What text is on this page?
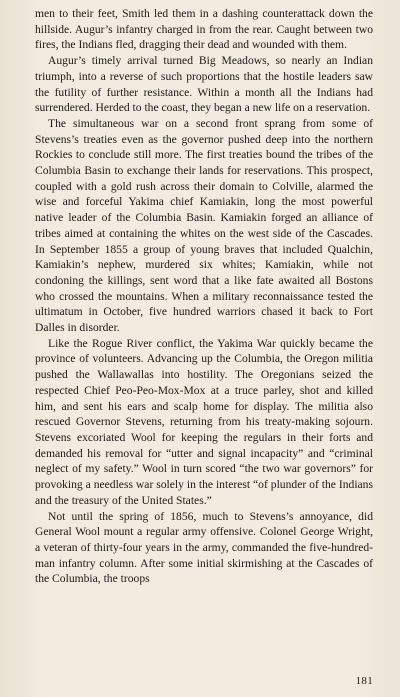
men to their feet, Smith led them in a dashing counterattack down the hillside. Augur’s infantry charged in from the rear. Caught between two fires, the Indians fled, dragging their dead and wounded with them.

Augur’s timely arrival turned Big Meadows, so nearly an Indian triumph, into a reverse of such proportions that the hostile leaders saw the futility of further resistance. Within a month all the Indians had surrendered. Herded to the coast, they began a new life on a reservation.

The simultaneous war on a second front sprang from some of Stevens’s treaties even as the governor pushed deep into the northern Rockies to conclude still more. The first treaties bound the tribes of the Columbia Basin to exchange their lands for reservations. This prospect, coupled with a gold rush across their domain to Colville, alarmed the wise and forceful Yakima chief Kamiakin, long the most powerful native leader of the Columbia Basin. Kamiakin forged an alliance of tribes aimed at containing the whites on the west side of the Cascades. In September 1855 a group of young braves that included Qualchin, Kamiakin’s nephew, murdered six whites; Kamiakin, while not condoning the killings, sent word that a like fate awaited all Bostons who crossed the mountains. When a military reconnaissance tested the ultimatum in October, five hundred warriors chased it back to Fort Dalles in disorder.

Like the Rogue River conflict, the Yakima War quickly became the province of volunteers. Advancing up the Columbia, the Oregon militia pushed the Wallawallas into hostility. The Oregonians seized the respected Chief Peo-Peo-Mox-Mox at a truce parley, shot and killed him, and sent his ears and scalp home for display. The militia also rescued Governor Stevens, returning from his treaty-making sojourn. Stevens excoriated Wool for keeping the regulars in their forts and demanded his removal for “utter and signal incapacity” and “criminal neglect of my safety.” Wool in turn scored “the two war governors” for provoking a needless war solely in the interest “of plunder of the Indians and the treasury of the United States.”

Not until the spring of 1856, much to Stevens’s annoyance, did General Wool mount a regular army offensive. Colonel George Wright, a veteran of thirty-four years in the army, commanded the five-hundred-man infantry column. After some initial skirmishing at the Cascades of the Columbia, the troops

181
